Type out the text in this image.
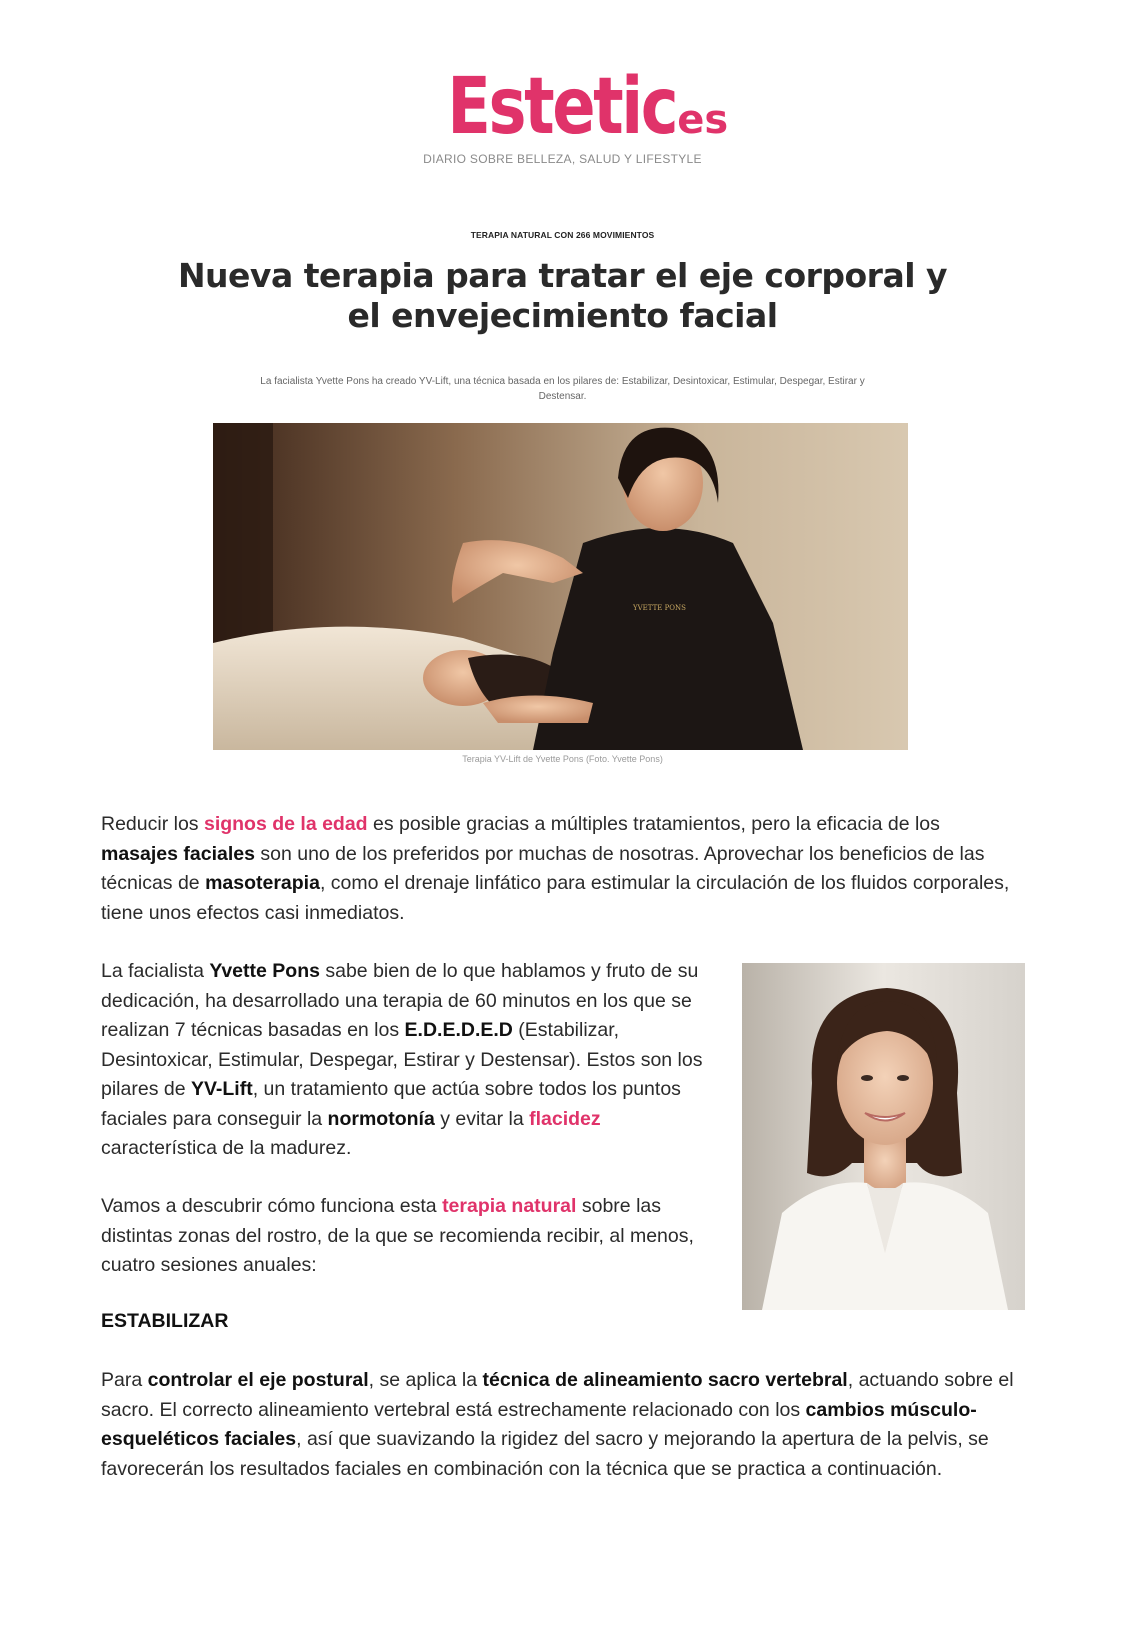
Estetic.es
DIARIO SOBRE BELLEZA, SALUD Y LIFESTYLE
TERAPIA NATURAL CON 266 MOVIMIENTOS
Nueva terapia para tratar el eje corporal y el envejecimiento facial

La facialista Yvette Pons ha creado YV-Lift, una técnica basada en los pilares de: Estabilizar, Desintoxicar, Estimular, Despegar, Estirar y Destensar.

YVETTE PONS
Terapia YV-Lift de Yvette Pons (Foto. Yvette Pons)

Reducir los signos de la edad es posible gracias a múltiples tratamientos, pero la eficacia de los masajes faciales son uno de los preferidos por muchas de nosotras. Aprovechar los beneficios de las técnicas de masoterapia, como el drenaje linfático para estimular la circulación de los fluidos corporales, tiene unos efectos casi inmediatos.

La facialista Yvette Pons sabe bien de lo que hablamos y fruto de su dedicación, ha desarrollado una terapia de 60 minutos en los que se realizan 7 técnicas basadas en los E.D.E.D.E.D (Estabilizar, Desintoxicar, Estimular, Despegar, Estirar y Destensar). Estos son los pilares de YV-Lift, un tratamiento que actúa sobre todos los puntos faciales para conseguir la normotonía y evitar la flacidez característica de la madurez.

Vamos a descubrir cómo funciona esta terapia natural sobre las distintas zonas del rostro, de la que se recomienda recibir, al menos, cuatro sesiones anuales:

ESTABILIZAR

Para controlar el eje postural, se aplica la técnica de alineamiento sacro vertebral, actuando sobre el sacro. El correcto alineamiento vertebral está estrechamente relacionado con los cambios músculo-esqueléticos faciales, así que suavizando la rigidez del sacro y mejorando la apertura de la pelvis, se favorecerán los resultados faciales en combinación con la técnica que se practica a continuación.
